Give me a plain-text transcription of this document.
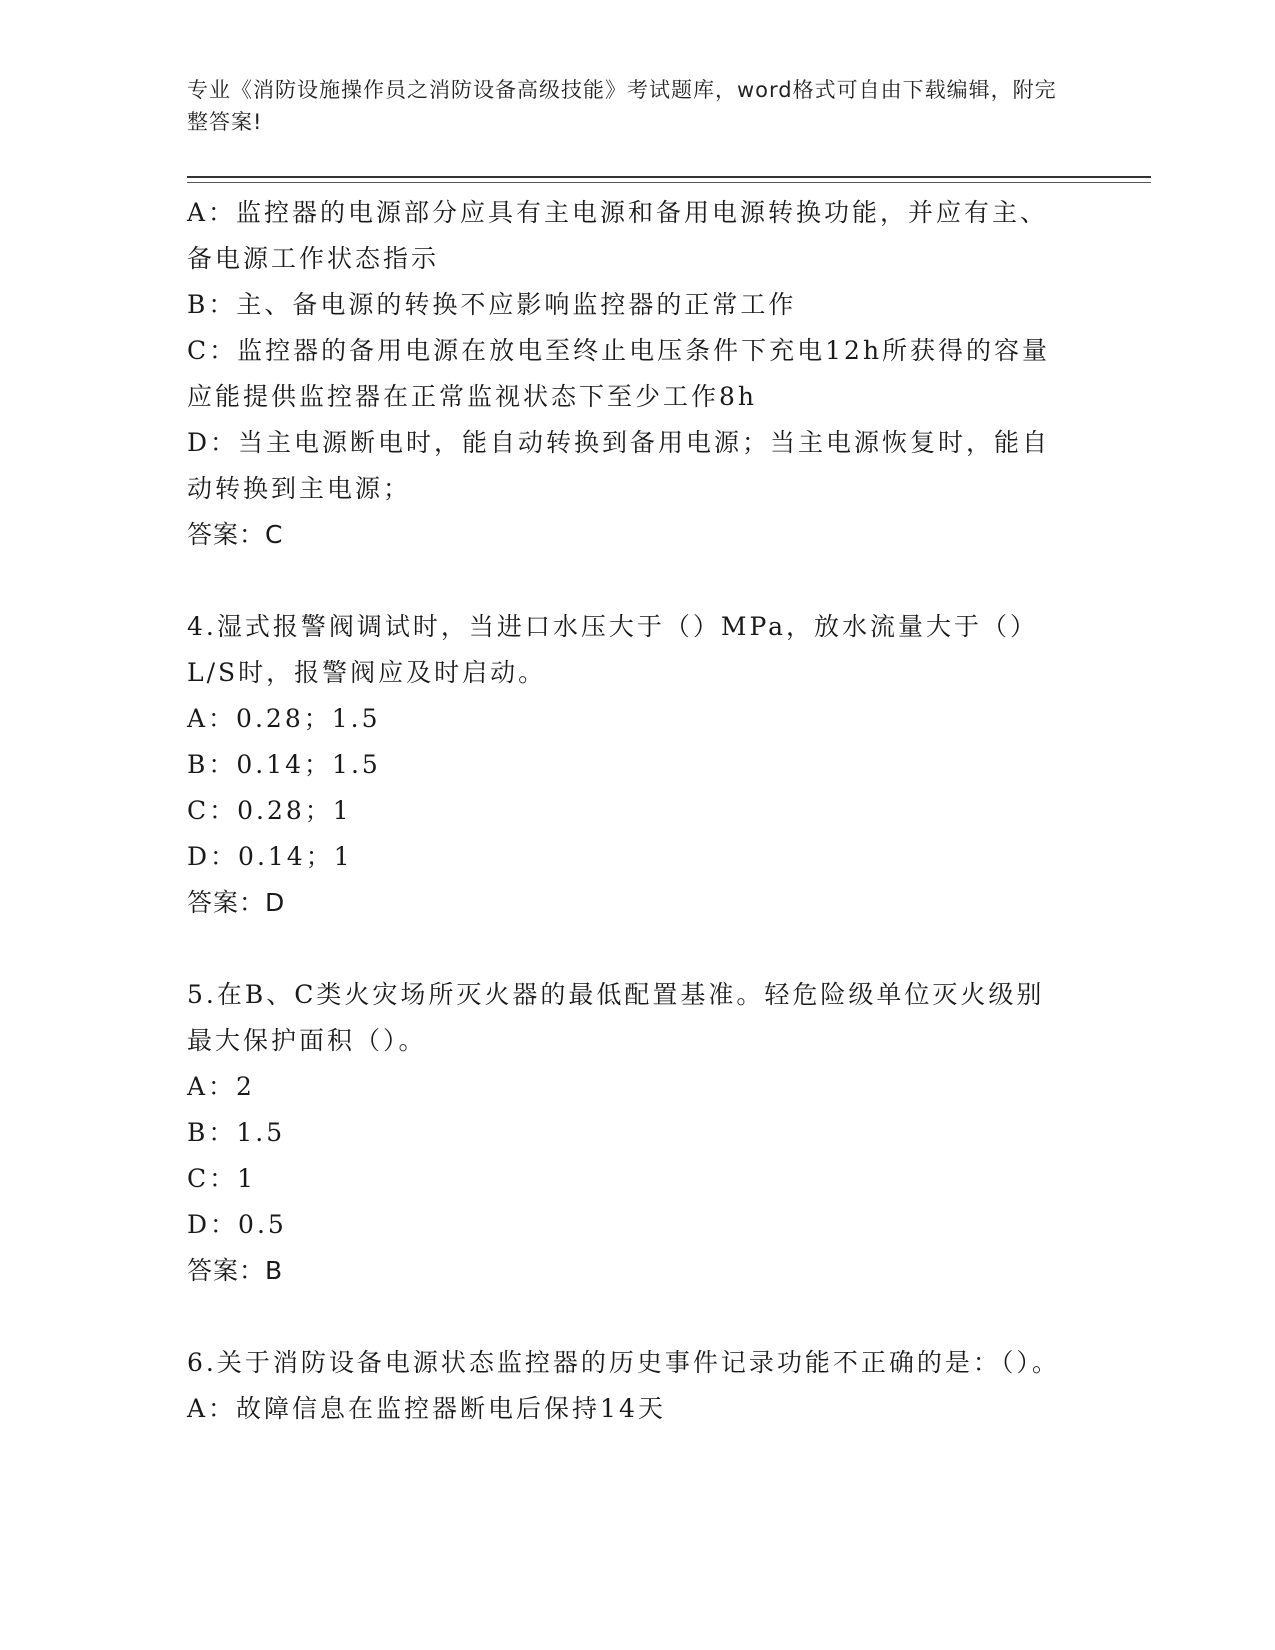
专业《消防设施操作员之消防设备高级技能》考试题库，word格式可自由下载编辑，附完整答案!

A：监控器的电源部分应具有主电源和备用电源转换功能，并应有主、备电源工作状态指示

B：主、备电源的转换不应影响监控器的正常工作

C：监控器的备用电源在放电至终止电压条件下充电12h所获得的容量应能提供监控器在正常监视状态下至少工作8h

D：当主电源断电时，能自动转换到备用电源；当主电源恢复时，能自动转换到主电源；

答案：C

4.湿式报警阀调试时，当进口水压大于（）MPa，放水流量大于（）L/S时，报警阀应及时启动。

A：0.28；1.5

B：0.14；1.5

C：0.28；1

D：0.14；1

答案：D

5.在B、C类火灾场所灭火器的最低配置基准。轻危险级单位灭火级别最大保护面积（）。

A：2

B：1.5

C：1

D：0.5

答案：B

6.关于消防设备电源状态监控器的历史事件记录功能不正确的是：（）。

A：故障信息在监控器断电后保持14天
